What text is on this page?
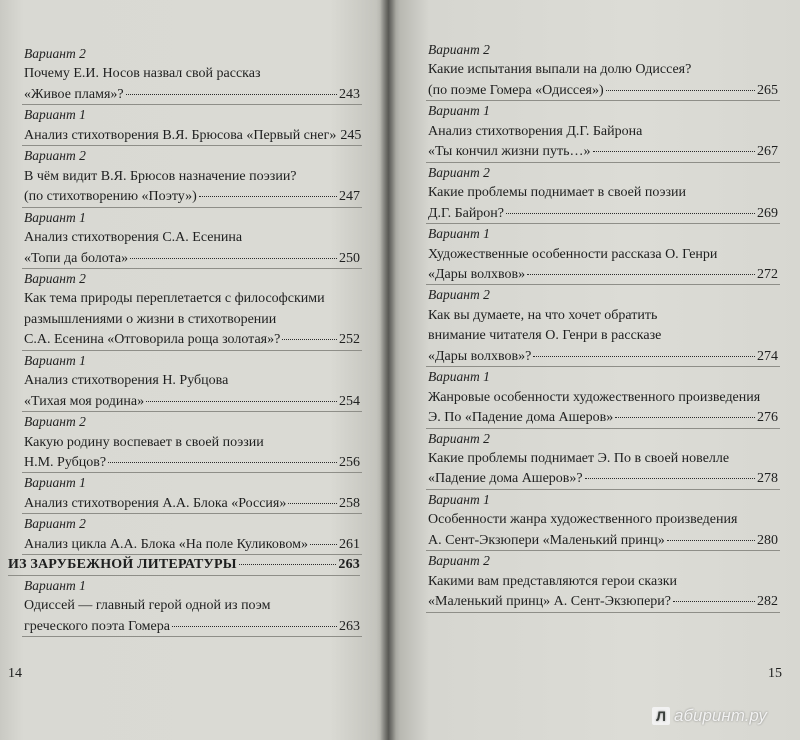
Вариант 2
Почему Е.И. Носов назвал свой рассказ
«Живое пламя»?	243
Вариант 1
Анализ стихотворения В.Я. Брюсова «Первый снег» 245
Вариант 2
В чём видит В.Я. Брюсов назначение поэзии?
(по стихотворению «Поэту»)	247
Вариант 1
Анализ стихотворения С.А. Есенина
«Топи да болота»	250
Вариант 2
Как тема природы переплетается с философскими
размышлениями о жизни в стихотворении
С.А. Есенина «Отговорила роща золотая»?	252
Вариант 1
Анализ стихотворения Н. Рубцова
«Тихая моя родина»	254
Вариант 2
Какую родину воспевает в своей поэзии
Н.М. Рубцов?	256
Вариант 1
Анализ стихотворения А.А. Блока «Россия»	258
Вариант 2
Анализ цикла А.А. Блока «На поле Куликовом» 261
ИЗ ЗАРУБЕЖНОЙ ЛИТЕРАТУРЫ	263
Вариант 1
Одиссей — главный герой одной из поэм
греческого поэта Гомера	263
14
Вариант 2
Какие испытания выпали на долю Одиссея?
(по поэме Гомера «Одиссея»)	265
Вариант 1
Анализ стихотворения Д.Г. Байрона
«Ты кончил жизни путь…»	267
Вариант 2
Какие проблемы поднимает в своей поэзии
Д.Г. Байрон?	269
Вариант 1
Художественные особенности рассказа О. Генри
«Дары волхвов»	272
Вариант 2
Как вы думаете, на что хочет обратить
внимание читателя О. Генри в рассказе
«Дары волхвов»?	274
Вариант 1
Жанровые особенности художественного произведения
Э. По «Падение дома Ашеров»	276
Вариант 2
Какие проблемы поднимает Э. По в своей новелле
«Падение дома Ашеров»?	278
Вариант 1
Особенности жанра художественного произведения
А. Сент-Экзюпери «Маленький принц»	280
Вариант 2
Какими вам представляются герои сказки
«Маленький принц» А. Сент-Экзюпери?	282
15
Л абиринт.ру
